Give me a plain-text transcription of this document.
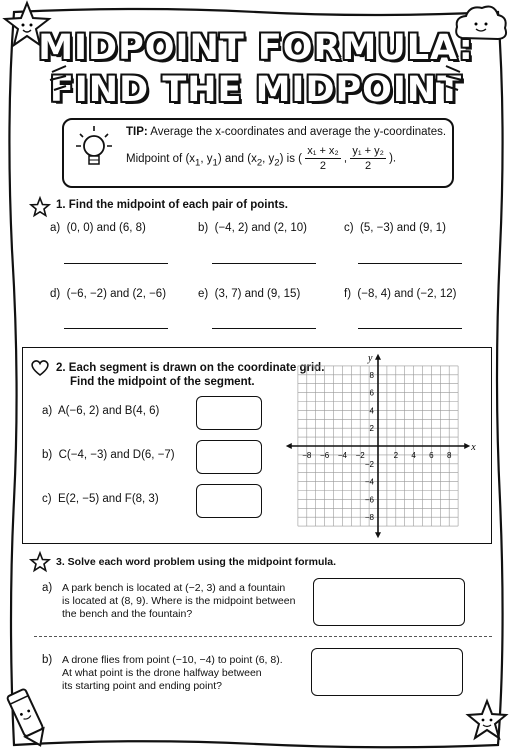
MIDPOINT FORMULA:
FIND THE MIDPOINT
TIP: Average the x-coordinates and average the y-coordinates.
Midpoint of ($x_1$, $y_1$) and ($x_2$, $y_2$) is ( $\frac{\text{x₁ + x₂}}{2}$ , $\frac{\text{y₁ + y₂}}{2}$ ).
1. Find the midpoint of each pair of points.
a) (0, 0) and (6, 8)	b) (−4, 2) and (2, 10)	c) (5, −3) and (9, 1)
d) (−6, −2) and (2, −6)	e) (3, 7) and (9, 15)	f) (−8, 4) and (−2, 12)
2. Each segment is drawn on the coordinate grid.
Find the midpoint of the segment.
a) A(−6, 2) and B(4, 6)
b) C(−4, −3) and D(6, −7)
c) E(2, −5) and F(8, 3)
−8 −6 −4 −2	2 4 6 8
8
6
4
2
−2
−4
−6
−8
x
y
3. Solve each word problem using the midpoint formula.
a) A park bench is located at (−2, 3) and a fountain
is located at (8, 9). Where is the midpoint between
the bench and the fountain?
b) A drone flies from point (−10, −4) to point (6, 8).
At what point is the drone halfway between
its starting point and ending point?
